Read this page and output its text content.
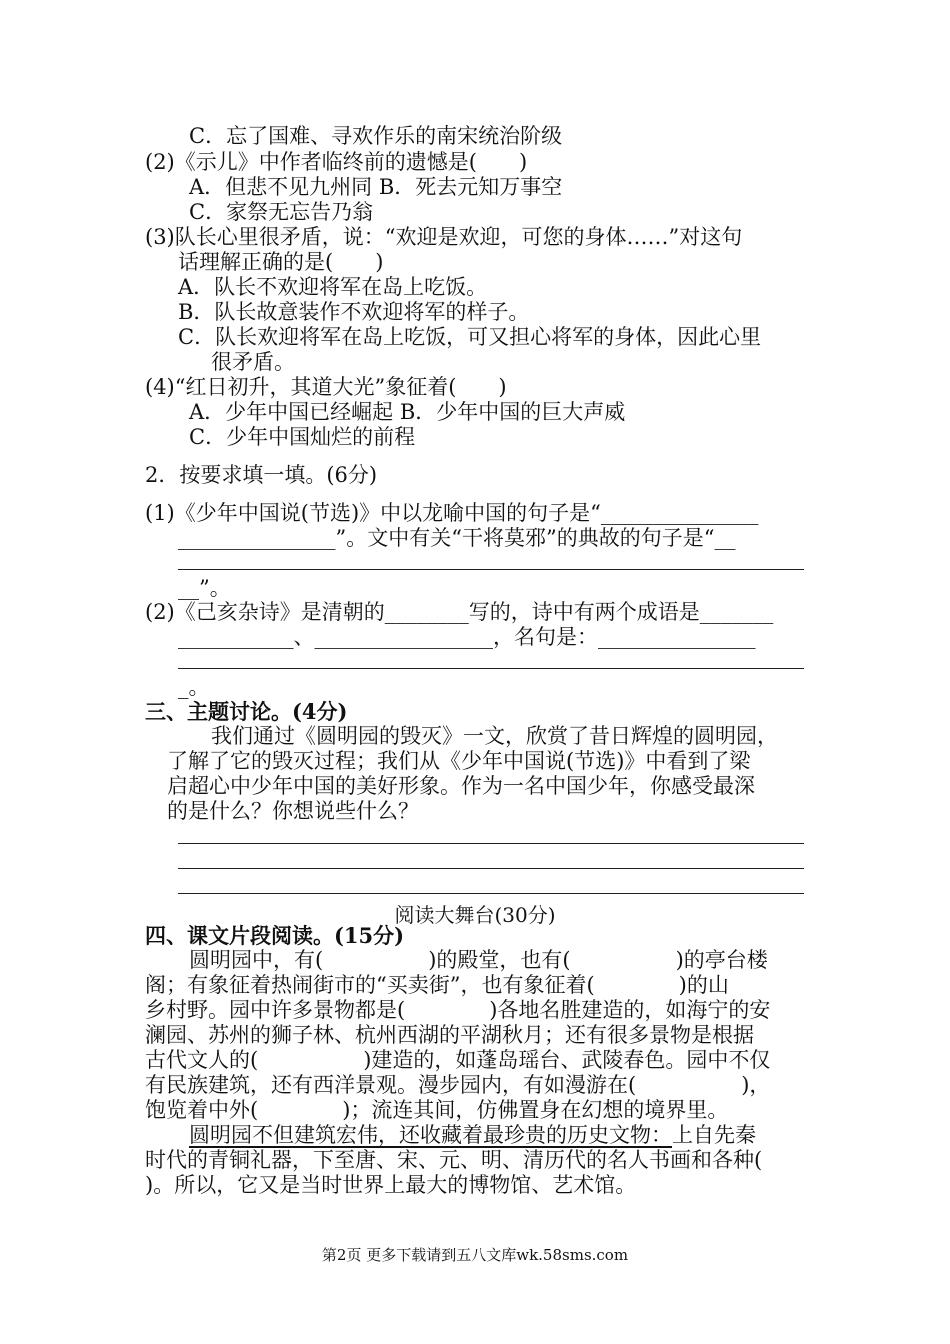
C．忘了国难、寻欢作乐的南宋统治阶级
(2)《示儿》中作者临终前的遗憾是(　　)
A．但悲不见九州同 B．死去元知万事空
C．家祭无忘告乃翁
(3)队长心里很矛盾，说：“欢迎是欢迎，可您的身体……”对这句
话理解正确的是(　　)
A．队长不欢迎将军在岛上吃饭。
B．队长故意装作不欢迎将军的样子。
C．队长欢迎将军在岛上吃饭，可又担心将军的身体，因此心里
很矛盾。
(4)“红日初升，其道大光”象征着(　　)
A．少年中国已经崛起 B．少年中国的巨大声威
C．少年中国灿烂的前程
2．按要求填一填。(6分)
(1)《少年中国说(节选)》中以龙喻中国的句子是“_______________
_______________”。文中有关“干将莫邪”的典故的句子是“__
__”。
(2)《己亥杂诗》是清朝的________写的，诗中有两个成语是_______
___________、_________________，名句是：_______________
_。
三、主题讨论。(4分)
我们通过《圆明园的毁灭》一文，欣赏了昔日辉煌的圆明园，
了解了它的毁灭过程；我们从《少年中国说(节选)》中看到了梁
启超心中少年中国的美好形象。作为一名中国少年，你感受最深
的是什么？你想说些什么？
阅读大舞台(30分)
四、课文片段阅读。(15分)
圆明园中，有(　　　　　)的殿堂，也有(　　　　　)的亭台楼
阁；有象征着热闹街市的“买卖街”，也有象征着(　　　　)的山
乡村野。园中许多景物都是(　　　　)各地名胜建造的，如海宁的安
澜园、苏州的狮子林、杭州西湖的平湖秋月；还有很多景物是根据
古代文人的(　　　　　)建造的，如蓬岛瑶台、武陵春色。园中不仅
有民族建筑，还有西洋景观。漫步园内，有如漫游在(　　　　　)，
饱览着中外(　　　　)；流连其间，仿佛置身在幻想的境界里。
圆明园不但建筑宏伟，还收藏着最珍贵的历史文物：上自先秦
时代的青铜礼器，下至唐、宋、元、明、清历代的名人书画和各种(
)。所以，它又是当时世界上最大的博物馆、艺术馆。
第2页 更多下载请到五八文库wk.58sms.com
